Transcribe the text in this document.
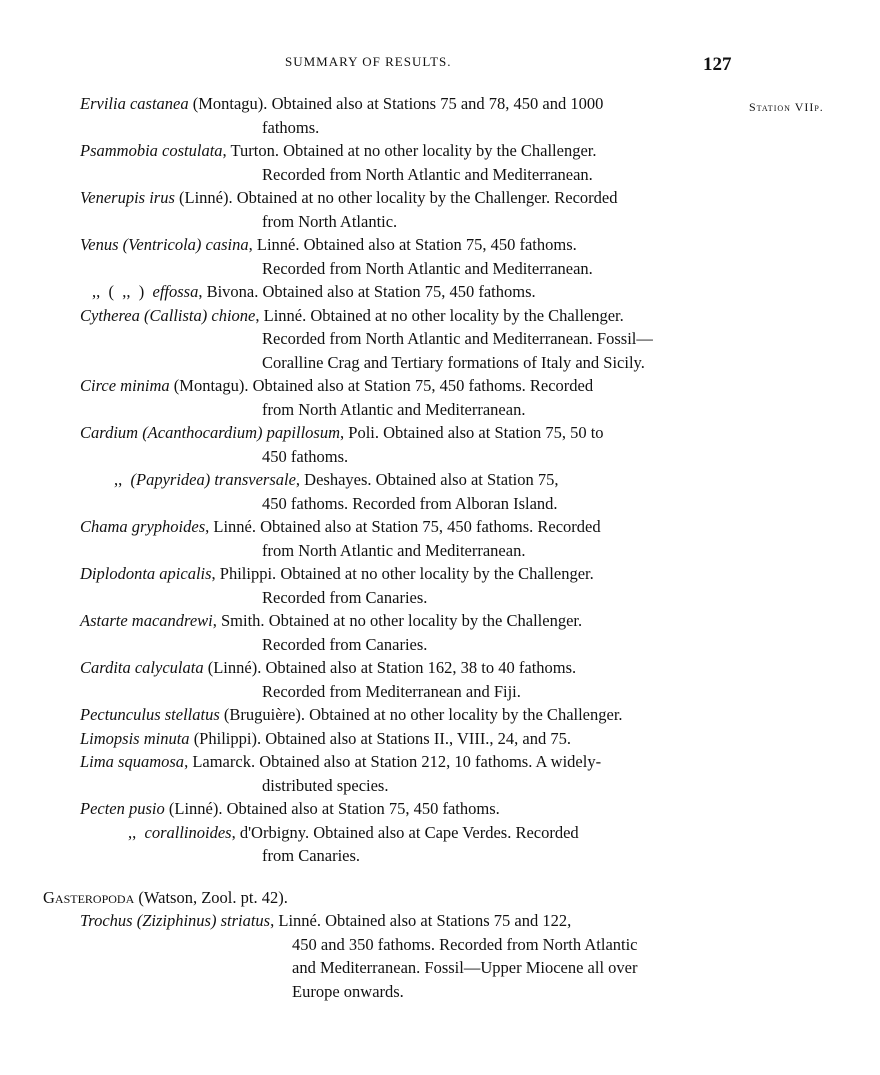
SUMMARY OF RESULTS.	127
Station VIIp.
Ervilia castanea (Montagu). Obtained also at Stations 75 and 78, 450 and 1000
fathoms.
Psammobia costulata, Turton. Obtained at no other locality by the Challenger.
Recorded from North Atlantic and Mediterranean.
Venerupis irus (Linné). Obtained at no other locality by the Challenger. Recorded
from North Atlantic.
Venus (Ventricola) casina, Linné. Obtained also at Station 75, 450 fathoms.
Recorded from North Atlantic and Mediterranean.
,,  (  ,,  )  effossa, Bivona. Obtained also at Station 75, 450 fathoms.
Cytherea (Callista) chione, Linné. Obtained at no other locality by the Challenger.
Recorded from North Atlantic and Mediterranean. Fossil—
Coralline Crag and Tertiary formations of Italy and Sicily.
Circe minima (Montagu). Obtained also at Station 75, 450 fathoms. Recorded
from North Atlantic and Mediterranean.
Cardium (Acanthocardium) papillosum, Poli. Obtained also at Station 75, 50 to
450 fathoms.
,,  (Papyridea) transversale, Deshayes. Obtained also at Station 75,
450 fathoms. Recorded from Alboran Island.
Chama gryphoides, Linné. Obtained also at Station 75, 450 fathoms. Recorded
from North Atlantic and Mediterranean.
Diplodonta apicalis, Philippi. Obtained at no other locality by the Challenger.
Recorded from Canaries.
Astarte macandrewi, Smith. Obtained at no other locality by the Challenger.
Recorded from Canaries.
Cardita calyculata (Linné). Obtained also at Station 162, 38 to 40 fathoms.
Recorded from Mediterranean and Fiji.
Pectunculus stellatus (Bruguière). Obtained at no other locality by the Challenger.
Limopsis minuta (Philippi). Obtained also at Stations II., VIII., 24, and 75.
Lima squamosa, Lamarck. Obtained also at Station 212, 10 fathoms. A widely-
distributed species.
Pecten pusio (Linné). Obtained also at Station 75, 450 fathoms.
,,  corallinoides, d'Orbigny. Obtained also at Cape Verdes. Recorded
from Canaries.
Gasteropoda (Watson, Zool. pt. 42).
Trochus (Ziziphinus) striatus, Linné. Obtained also at Stations 75 and 122,
450 and 350 fathoms. Recorded from North Atlantic
and Mediterranean. Fossil—Upper Miocene all over
Europe onwards.
